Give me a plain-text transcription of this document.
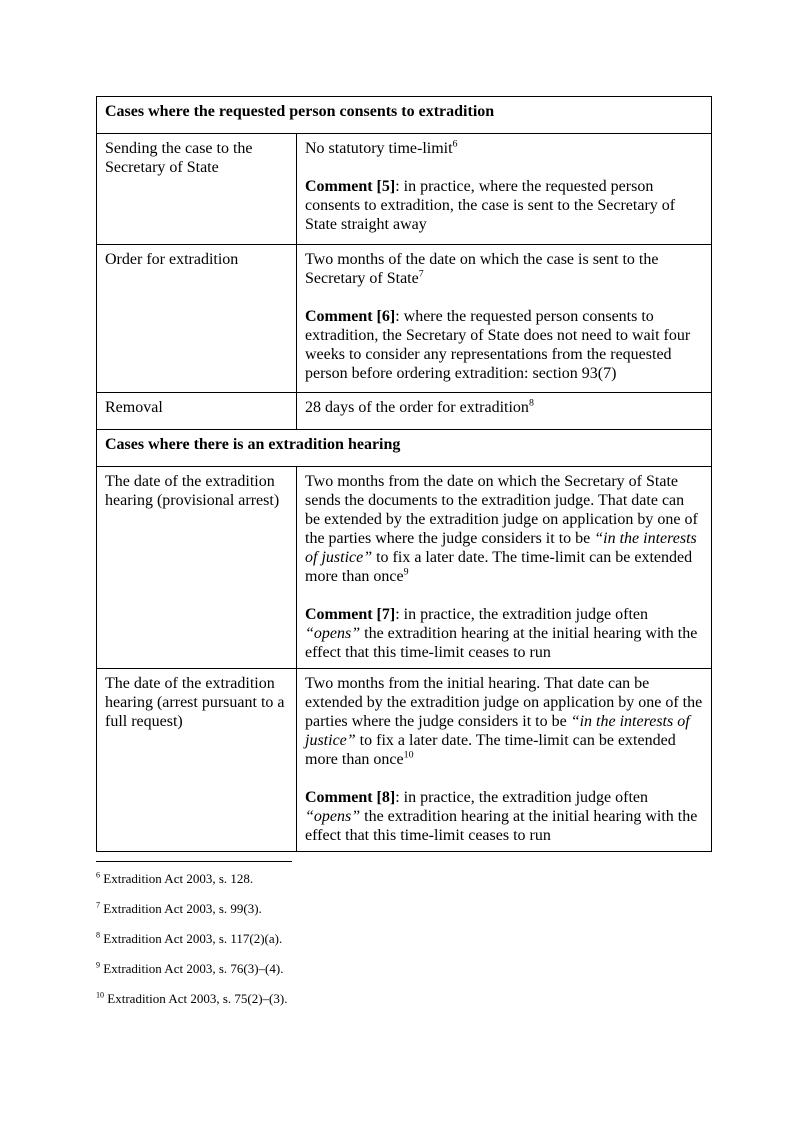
Cases where the requested person consents to extradition	
Sending the case to the Secretary of State	No statutory time-limit$^6$

Comment [5]: in practice, where the requested person consents to extradition, the case is sent to the Secretary of State straight away

Order for extradition	Two months of the date on which the case is sent to the Secretary of State$^7$

Comment [6]: where the requested person consents to extradition, the Secretary of State does not need to wait four weeks to consider any representations from the requested person before ordering extradition: section 93(7)

Removal	28 days of the order for extradition$^8$

Cases where there is an extradition hearing	
The date of the extradition hearing (provisional arrest)	Two months from the date on which the Secretary of State sends the documents to the extradition judge. That date can be extended by the extradition judge on application by one of the parties where the judge considers it to be “in the interests of justice” to fix a later date. The time-limit can be extended more than once$^9$

Comment [7]: in practice, the extradition judge often “opens” the extradition hearing at the initial hearing with the effect that this time-limit ceases to run

The date of the extradition hearing (arrest pursuant to a full request)	Two months from the initial hearing. That date can be extended by the extradition judge on application by one of the parties where the judge considers it to be “in the interests of justice” to fix a later date. The time-limit can be extended more than once$^{10}$

Comment [8]: in practice, the extradition judge often “opens” the extradition hearing at the initial hearing with the effect that this time-limit ceases to run

$^6$ Extradition Act 2003, s. 128.

$^7$ Extradition Act 2003, s. 99(3).

$^8$ Extradition Act 2003, s. 117(2)(a).

$^9$ Extradition Act 2003, s. 76(3)–(4).

$^{10}$ Extradition Act 2003, s. 75(2)–(3).
